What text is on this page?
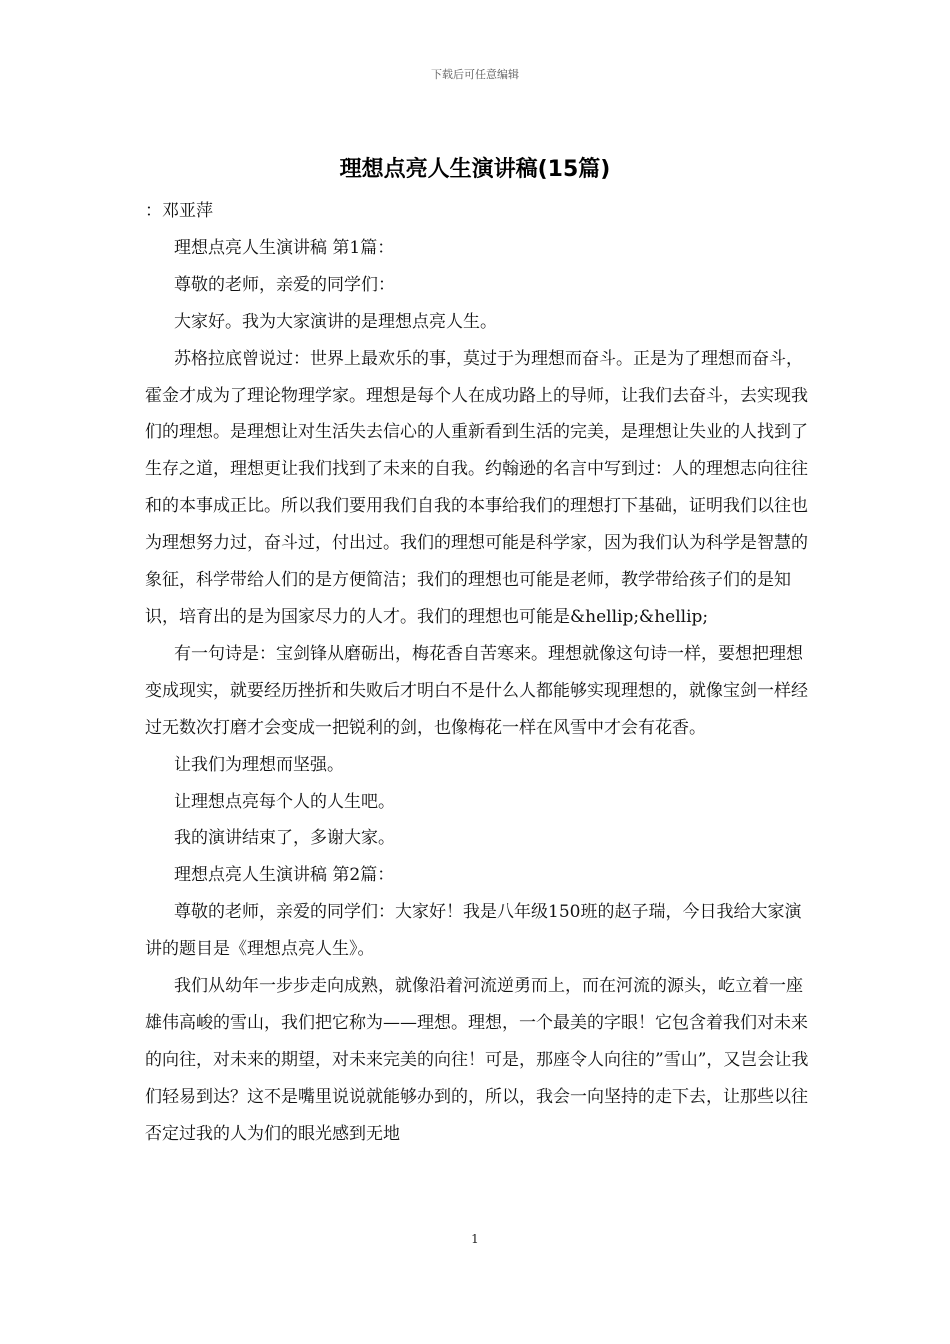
下载后可任意编辑
理想点亮人生演讲稿(15篇)

：邓亚萍

理想点亮人生演讲稿 第1篇：

尊敬的老师，亲爱的同学们：

大家好。我为大家演讲的是理想点亮人生。

苏格拉底曾说过：世界上最欢乐的事，莫过于为理想而奋斗。正是为了理想而奋斗，霍金才成为了理论物理学家。理想是每个人在成功路上的导师，让我们去奋斗，去实现我们的理想。是理想让对生活失去信心的人重新看到生活的完美，是理想让失业的人找到了生存之道，理想更让我们找到了未来的自我。约翰逊的名言中写到过：人的理想志向往往和的本事成正比。所以我们要用我们自我的本事给我们的理想打下基础，证明我们以往也为理想努力过，奋斗过，付出过。我们的理想可能是科学家，因为我们认为科学是智慧的象征，科学带给人们的是方便简洁；我们的理想也可能是老师，教学带给孩子们的是知识，培育出的是为国家尽力的人才。我们的理想也可能是&hellip;&hellip;

有一句诗是：宝剑锋从磨砺出，梅花香自苦寒来。理想就像这句诗一样，要想把理想变成现实，就要经历挫折和失败后才明白不是什么人都能够实现理想的，就像宝剑一样经过无数次打磨才会变成一把锐利的剑，也像梅花一样在风雪中才会有花香。

让我们为理想而坚强。

让理想点亮每个人的人生吧。

我的演讲结束了，多谢大家。

理想点亮人生演讲稿 第2篇：

尊敬的老师，亲爱的同学们：大家好！我是八年级150班的赵子瑞，今日我给大家演讲的题目是《理想点亮人生》。

我们从幼年一步步走向成熟，就像沿着河流逆勇而上，而在河流的源头，屹立着一座雄伟高峻的雪山，我们把它称为——理想。理想，一个最美的字眼！它包含着我们对未来的向往，对未来的期望，对未来完美的向往！可是，那座令人向往的”雪山”，又岂会让我们轻易到达？这不是嘴里说说就能够办到的，所以，我会一向坚持的走下去，让那些以往否定过我的人为们的眼光感到无地

1
